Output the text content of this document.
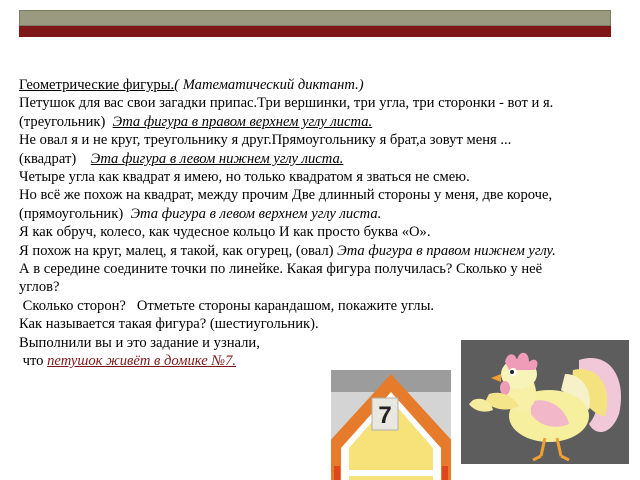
Геометрические фигуры.( Математический диктант.)
Петушок для вас свои загадки припас.Три вершинки, три угла, три сторонки - вот и я.
(треугольник) Эта фигура в правом верхнем углу листа.
Не овал я и не круг, треугольнику я друг.Прямоугольнику я брат,а зовут меня ...
(квадрат) Эта фигура в левом нижнем углу листа.
Четыре угла как квадрат я имею, но только квадратом я зваться не смею.
Но всё же похож на квадрат, между прочим Две длинный стороны у меня, две короче,
(прямоугольник) Эта фигура в левом верхнем углу листа.
Я как обруч, колесо, как чудесное кольцо И как просто буква «О».
Я похож на круг, малец, я такой, как огурец, (овал) Эта фигура в правом нижнем углу.
А в середине соедините точки по линейке. Какая фигура получилась? Сколько у неё
углов?
Сколько сторон?   Отметьте стороны карандашом, покажите углы.
Как называется такая фигура? (шестиугольник).
Выполнили вы и это задание и узнали,
что петушок живёт в домике №7.
7
